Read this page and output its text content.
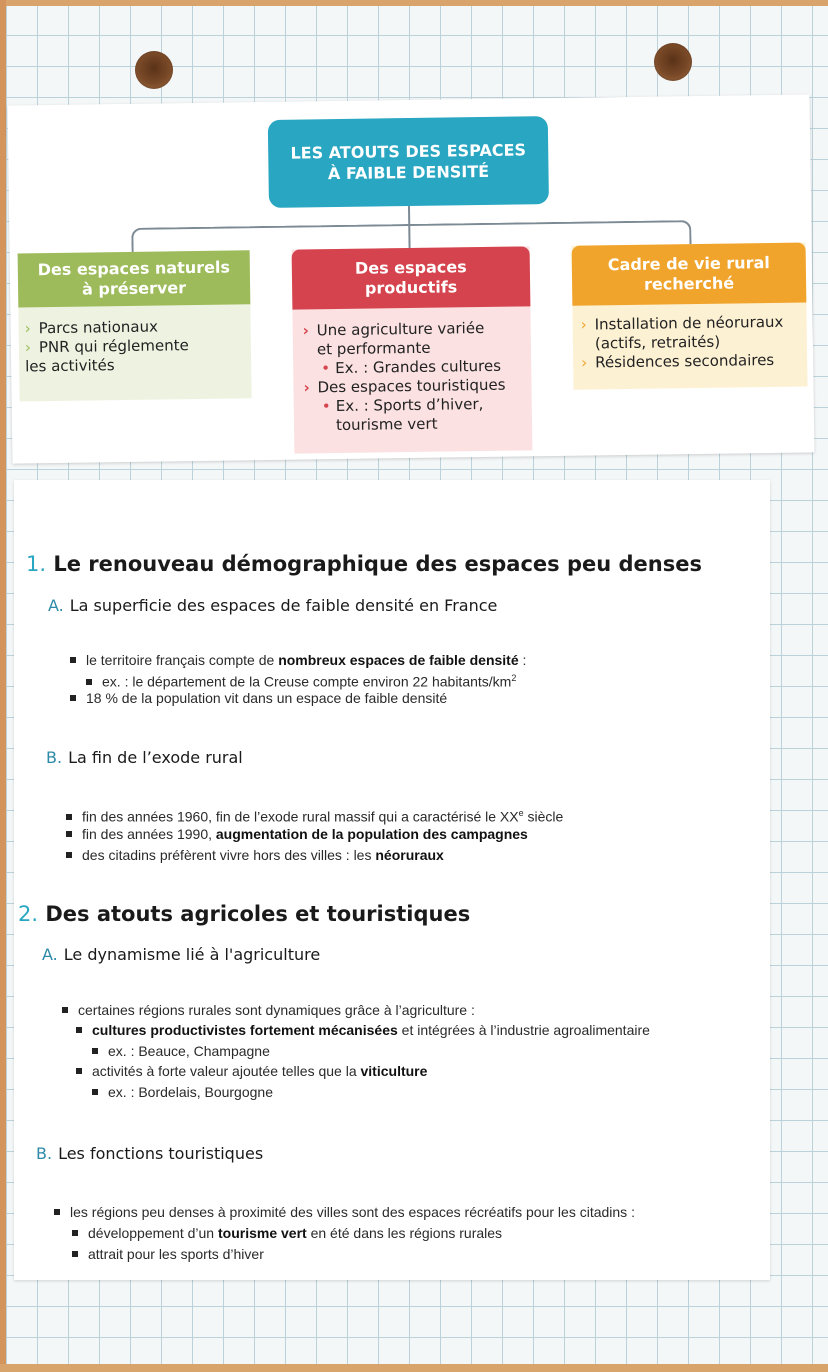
LES ATOUTS DES ESPACES
À FAIBLE DENSITÉ
Des espaces naturels
à préserver
› Parcs nationaux
› PNR qui réglemente
les activités
Des espaces
productifs
› Une agriculture variée
et performante
• Ex. : Grandes cultures
› Des espaces touristiques
• Ex. : Sports d’hiver,
tourisme vert
Cadre de vie rural
recherché
› Installation de néoruraux
(actifs, retraités)
› Résidences secondaires
1. Le renouveau démographique des espaces peu denses
A. La superficie des espaces de faible densité en France
le territoire français compte de nombreux espaces de faible densité :
ex. : le département de la Creuse compte environ 22 habitants/$km^2$
18 % de la population vit dans un espace de faible densité
B. La fin de l’exode rural
fin des années 1960, fin de l’exode rural massif qui a caractérisé le XXe siècle
fin des années 1990, augmentation de la population des campagnes
des citadins préfèrent vivre hors des villes : les néoruraux
2. Des atouts agricoles et touristiques
A. Le dynamisme lié à l'agriculture
certaines régions rurales sont dynamiques grâce à l’agriculture :
cultures productivistes fortement mécanisées et intégrées à l’industrie agroalimentaire
ex. : Beauce, Champagne
activités à forte valeur ajoutée telles que la viticulture
ex. : Bordelais, Bourgogne
B. Les fonctions touristiques
les régions peu denses à proximité des villes sont des espaces récréatifs pour les citadins :
développement d’un tourisme vert en été dans les régions rurales
attrait pour les sports d’hiver
